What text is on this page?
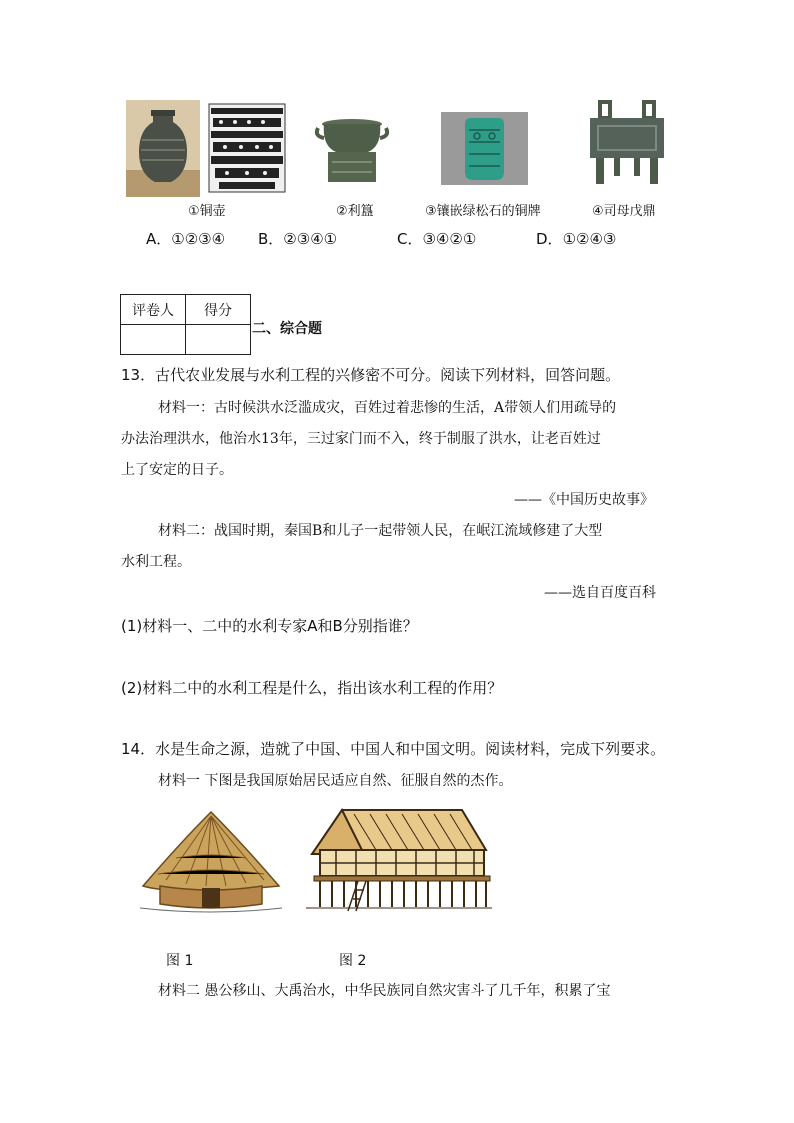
①铜壶	②利簋	③镶嵌绿松石的铜牌	④司母戊鼎
A．①②③④ B．②③④①	C．③④②①	D．①②④③
评卷人	得分

二、综合题
13．古代农业发展与水利工程的兴修密不可分。阅读下列材料，回答问题。
材料一：古时候洪水泛滥成灾，百姓过着悲惨的生活，A带领人们用疏导的
办法治理洪水，他治水13年，三过家门而不入，终于制服了洪水，让老百姓过
上了安定的日子。
——《中国历史故事》
材料二：战国时期，秦国B和儿子一起带领人民，在岷江流域修建了大型
水利工程。
——选自百度百科
(1)材料一、二中的水利专家A和B分别指谁？
(2)材料二中的水利工程是什么，指出该水利工程的作用？
14．水是生命之源，造就了中国、中国人和中国文明。阅读材料，完成下列要求。
材料一 下图是我国原始居民适应自然、征服自然的杰作。
图 1	图 2
材料二 愚公移山、大禹治水，中华民族同自然灾害斗了几千年，积累了宝
